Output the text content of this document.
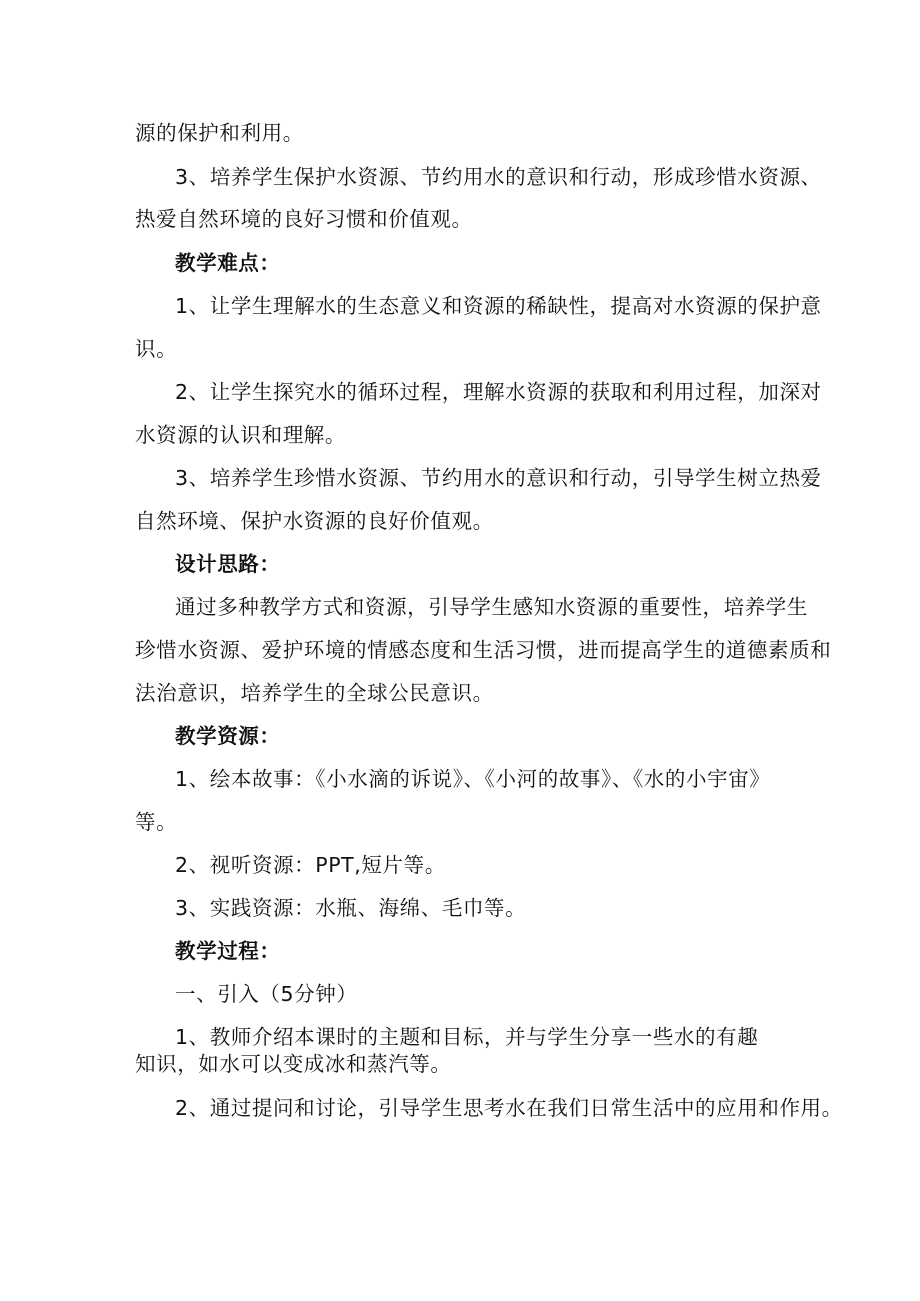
源的保护和利用。
3、培养学生保护水资源、节约用水的意识和行动，形成珍惜水资源、
热爱自然环境的良好习惯和价值观。
教学难点：
1、让学生理解水的生态意义和资源的稀缺性，提高对水资源的保护意
识。
2、让学生探究水的循环过程，理解水资源的获取和利用过程，加深对
水资源的认识和理解。
3、培养学生珍惜水资源、节约用水的意识和行动，引导学生树立热爱
自然环境、保护水资源的良好价值观。
设计思路：
通过多种教学方式和资源，引导学生感知水资源的重要性，培养学生
珍惜水资源、爱护环境的情感态度和生活习惯，进而提高学生的道德素质和
法治意识，培养学生的全球公民意识。
教学资源：
1、绘本故事：《小水滴的诉说》、《小河的故事》、《水的小宇宙》
等。
2、视听资源：PPT,短片等。
3、实践资源：水瓶、海绵、毛巾等。
教学过程：
一、引入（5分钟）
1、教师介绍本课时的主题和目标，并与学生分享一些水的有趣
知识，如水可以变成冰和蒸汽等。
2、通过提问和讨论，引导学生思考水在我们日常生活中的应用和作用。
